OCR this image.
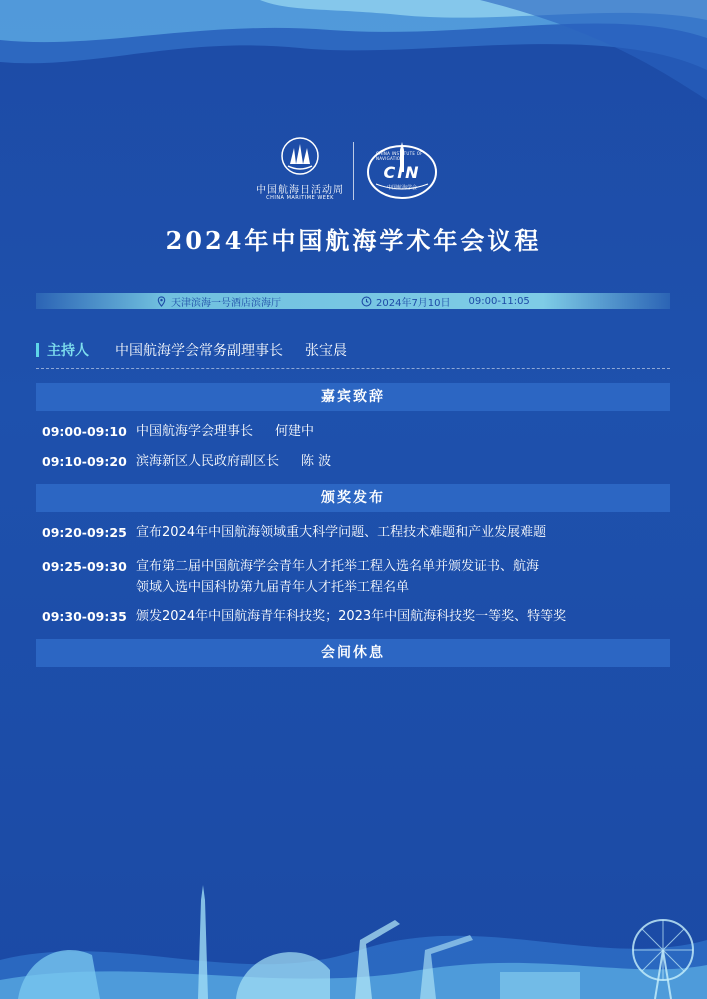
中国航海日活动周
CHINA MARITIME WEEK
CHINA INSTITUTE OF NAVIGATION
CIN
中国航海学会
2024年中国航海学术年会议程
天津滨海一号酒店滨海厅	2024年7月10日 09:00-11:05
主持人 中国航海学会常务副理事长 张宝晨
嘉宾致辞
09:00-09:10 中国航海学会理事长 何建中
09:10-09:20 滨海新区人民政府副区长 陈 波
颁奖发布
09:20-09:25 宣布2024年中国航海领域重大科学问题、工程技术难题和产业发展难题
09:25-09:30 宣布第二届中国航海学会青年人才托举工程入选名单并颁发证书、航海
领域入选中国科协第九届青年人才托举工程名单
09:30-09:35 颁发2024年中国航海青年科技奖；2023年中国航海科技奖一等奖、特等奖
会间休息
